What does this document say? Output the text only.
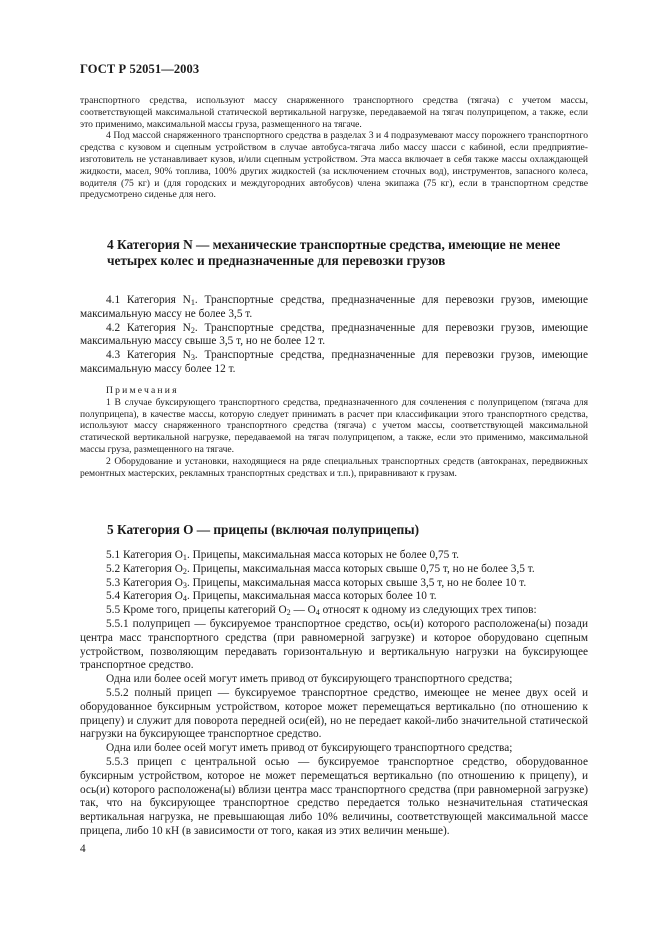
ГОСТ Р 52051—2003

транспортного средства, используют массу снаряженного транспортного средства (тягача) с учетом массы, соответствующей максимальной статической вертикальной нагрузке, передаваемой на тягач полуприцепом, а также, если это применимо, максимальной массы груза, размещенного на тягаче.

4 Под массой снаряженного транспортного средства в разделах 3 и 4 подразумевают массу порожнего транспортного средства с кузовом и сцепным устройством в случае автобуса-тягача либо массу шасси с кабиной, если предприятие-изготовитель не устанавливает кузов, и/или сцепным устройством. Эта масса включает в себя также массы охлаждающей жидкости, масел, 90% топлива, 100% других жидкостей (за исключением сточных вод), инструментов, запасного колеса, водителя (75 кг) и (для городских и междугородних автобусов) члена экипажа (75 кг), если в транспортном средстве предусмотрено сиденье для него.

4 Категория N — механические транспортные средства, имеющие не менее
четырех колес и предназначенные для перевозки грузов

4.1 Категория $N_1$. Транспортные средства, предназначенные для перевозки грузов, имеющие максимальную массу не более 3,5 т.

4.2 Категория $N_2$. Транспортные средства, предназначенные для перевозки грузов, имеющие максимальную массу свыше 3,5 т, но не более 12 т.

4.3 Категория $N_3$. Транспортные средства, предназначенные для перевозки грузов, имеющие максимальную массу более 12 т.

Примечания

1 В случае буксирующего транспортного средства, предназначенного для сочленения с полуприцепом (тягача для полуприцепа), в качестве массы, которую следует принимать в расчет при классификации этого транспортного средства, используют массу снаряженного транспортного средства (тягача) с учетом массы, соответствующей максимальной статической вертикальной нагрузке, передаваемой на тягач полуприцепом, а также, если это применимо, максимальной массы груза, размещенного на тягаче.

2 Оборудование и установки, находящиеся на ряде специальных транспортных средств (автокранах, передвижных ремонтных мастерских, рекламных транспортных средствах и т.п.), приравнивают к грузам.

5 Категория O — прицепы (включая полуприцепы)

5.1 Категория $O_1$. Прицепы, максимальная масса которых не более 0,75 т.

5.2 Категория $O_2$. Прицепы, максимальная масса которых свыше 0,75 т, но не более 3,5 т.

5.3 Категория $O_3$. Прицепы, максимальная масса которых свыше 3,5 т, но не более 10 т.

5.4 Категория $O_4$. Прицепы, максимальная масса которых более 10 т.

5.5 Кроме того, прицепы категорий $O_2$ — $O_4$ относят к одному из следующих трех типов:

5.5.1 полуприцеп — буксируемое транспортное средство, ось(и) которого расположена(ы) позади центра масс транспортного средства (при равномерной загрузке) и которое оборудовано сцепным устройством, позволяющим передавать горизонтальную и вертикальную нагрузки на буксирующее транспортное средство.

Одна или более осей могут иметь привод от буксирующего транспортного средства;

5.5.2 полный прицеп — буксируемое транспортное средство, имеющее не менее двух осей и оборудованное буксирным устройством, которое может перемещаться вертикально (по отношению к прицепу) и служит для поворота передней оси(ей), но не передает какой-либо значительной статической нагрузки на буксирующее транспортное средство.

Одна или более осей могут иметь привод от буксирующего транспортного средства;

5.5.3 прицеп с центральной осью — буксируемое транспортное средство, оборудованное буксирным устройством, которое не может перемещаться вертикально (по отношению к прицепу), и ось(и) которого расположена(ы) вблизи центра масс транспортного средства (при равномерной загрузке) так, что на буксирующее транспортное средство передается только незначительная статическая вертикальная нагрузка, не превышающая либо 10% величины, соответствующей максимальной массе прицепа, либо 10 кН (в зависимости от того, какая из этих величин меньше).

4
